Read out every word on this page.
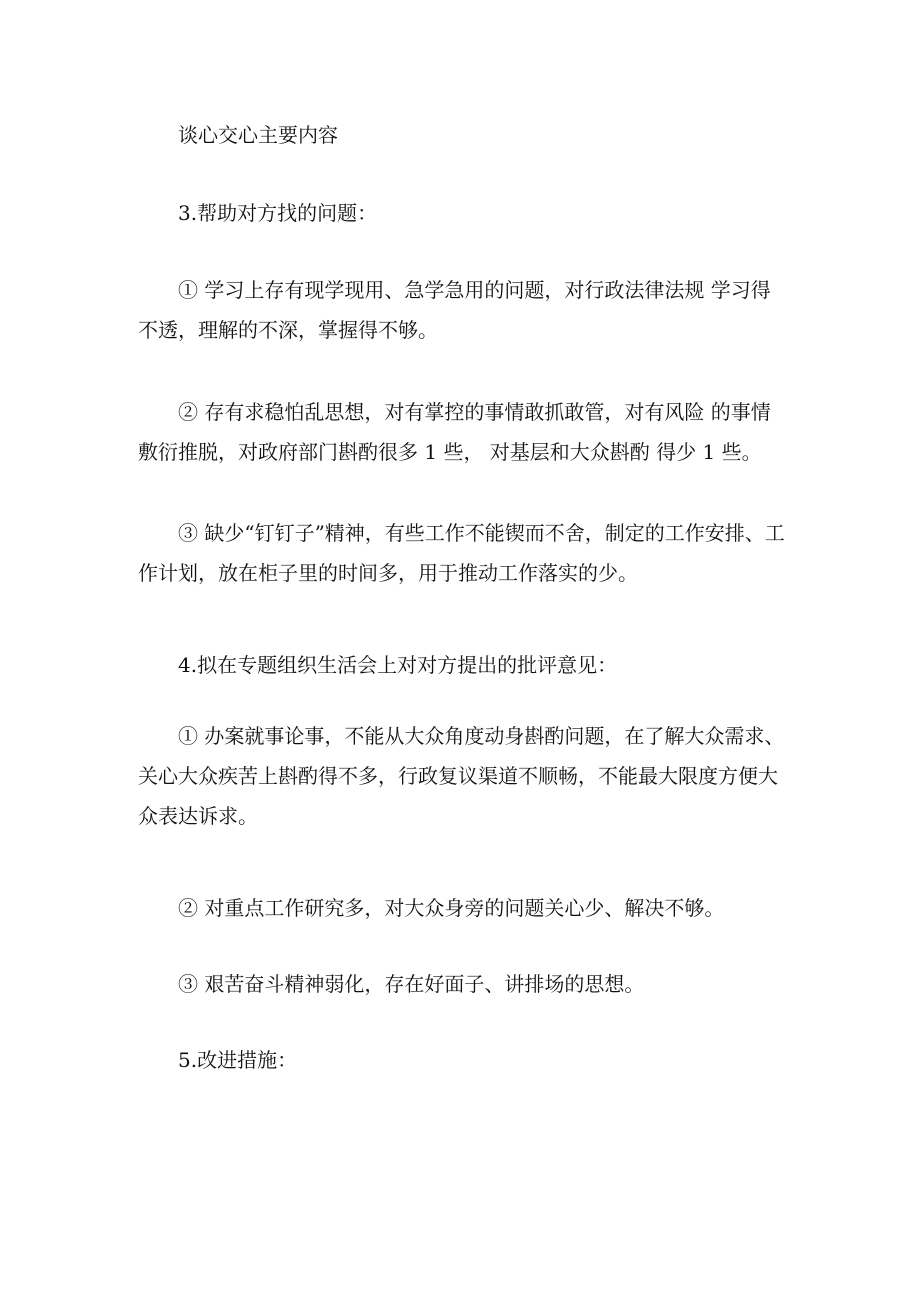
谈心交心主要内容

3.帮助对方找的问题：

① 学习上存有现学现用、急学急用的问题，对行政法律法规 学习得不透，理解的不深，掌握得不够。

② 存有求稳怕乱思想，对有掌控的事情敢抓敢管，对有风险 的事情敷衍推脱，对政府部门斟酌很多 1 些， 对基层和大众斟酌 得少 1 些。

③ 缺少“钉钉子”精神，有些工作不能锲而不舍，制定的工作安排、工作计划，放在柜子里的时间多，用于推动工作落实的少。

4.拟在专题组织生活会上对对方提出的批评意见：

① 办案就事论事，不能从大众角度动身斟酌问题，在了解大众需求、关心大众疾苦上斟酌得不多，行政复议渠道不顺畅，不能最大限度方便大众表达诉求。

② 对重点工作研究多，对大众身旁的问题关心少、解决不够。

③ 艰苦奋斗精神弱化，存在好面子、讲排场的思想。

5.改进措施：
